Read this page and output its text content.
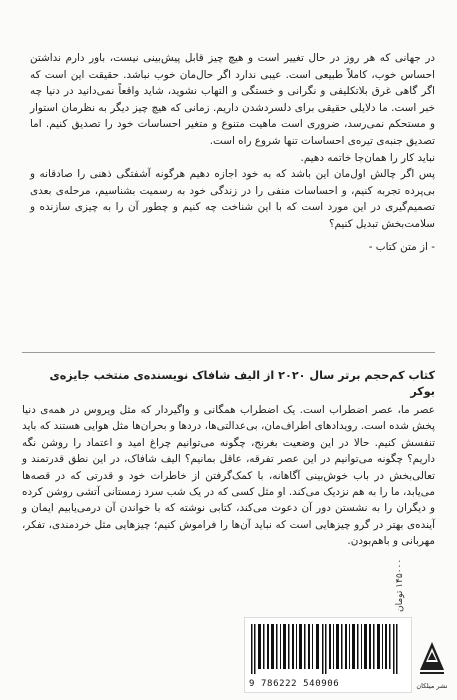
در جهانی که هر روز در حال تغییر است و هیچ چیز قابل پیش‌بینی نیست، باور دارم نداشتن احساس خوب، کاملاً طبیعی است. عیبی ندارد اگر حال‌مان خوب نباشد. حقیقت این است که اگر گاهی غرق بلاتکلیفی و نگرانی و خستگی و التهاب نشوید، شاید واقعاً نمی‌دانید در دنیا چه خبر است. ما دلایلی حقیقی برای دلسردشدن داریم. زمانی که هیچ چیز دیگر به نظرمان استوار و مستحکم نمی‌رسد، ضروری است ماهیت متنوع و متغیر احساسات خود را تصدیق کنیم. اما تصدیق جنبه‌ی تیره‌ی احساسات تنها شروع راه است.

نباید کار را همان‌جا خاتمه دهیم.

پس اگر چالش اول‌مان این باشد که به خود اجازه دهیم هرگونه آشفتگی ذهنی را صادقانه و بی‌پرده تجربه کنیم، و احساسات منفی را در زندگی خود به رسمیت بشناسیم، مرحله‌ی بعدی تصمیم‌گیری در این مورد است که با این شناخت چه کنیم و چطور آن را به چیزی سازنده و سلامت‌بخش تبدیل کنیم؟

- از متن کتاب -

کتاب کم‌حجم برتر سال ۲۰۲۰ از الیف شافاک نویسنده‌ی منتخب جایزه‌ی بوکر

عصر ما، عصر اضطراب است. یک اضطراب همگانی و واگیردار که مثل ویروس در همه‌ی دنیا پخش شده است. رویدادهای اطراف‌مان، بی‌عدالتی‌ها، دردها و بحران‌ها مثل هوایی هستند که باید تنفسش کنیم. حالا در این وضعیت بغرنج، چگونه می‌توانیم چراغ امید و اعتماد را روشن نگه داریم؟ چگونه می‌توانیم در این عصر تفرقه، عاقل بمانیم؟ الیف شافاک، در این نطق قدرتمند و تعالی‌بخش در باب خوش‌بینی آگاهانه، با کمک‌گرفتن از خاطرات خود و قدرتی که در قصه‌ها می‌یابد، ما را به هم نزدیک می‌کند. او مثل کسی که در یک شب سرد زمستانی آتشی روشن کرده و دیگران را به نشستن دور آن دعوت می‌کند، کتابی نوشته که با خواندن آن درمی‌یابیم ایمان و آینده‌ی بهتر در گرو چیزهایی است که نباید آن‌ها را فراموش کنیم؛ چیزهایی مثل خردمندی، تفکر، مهربانی و باهم‌بودن.

۱۴۵۰۰۰ تومان
9 786222 540906	نشر میلکان
